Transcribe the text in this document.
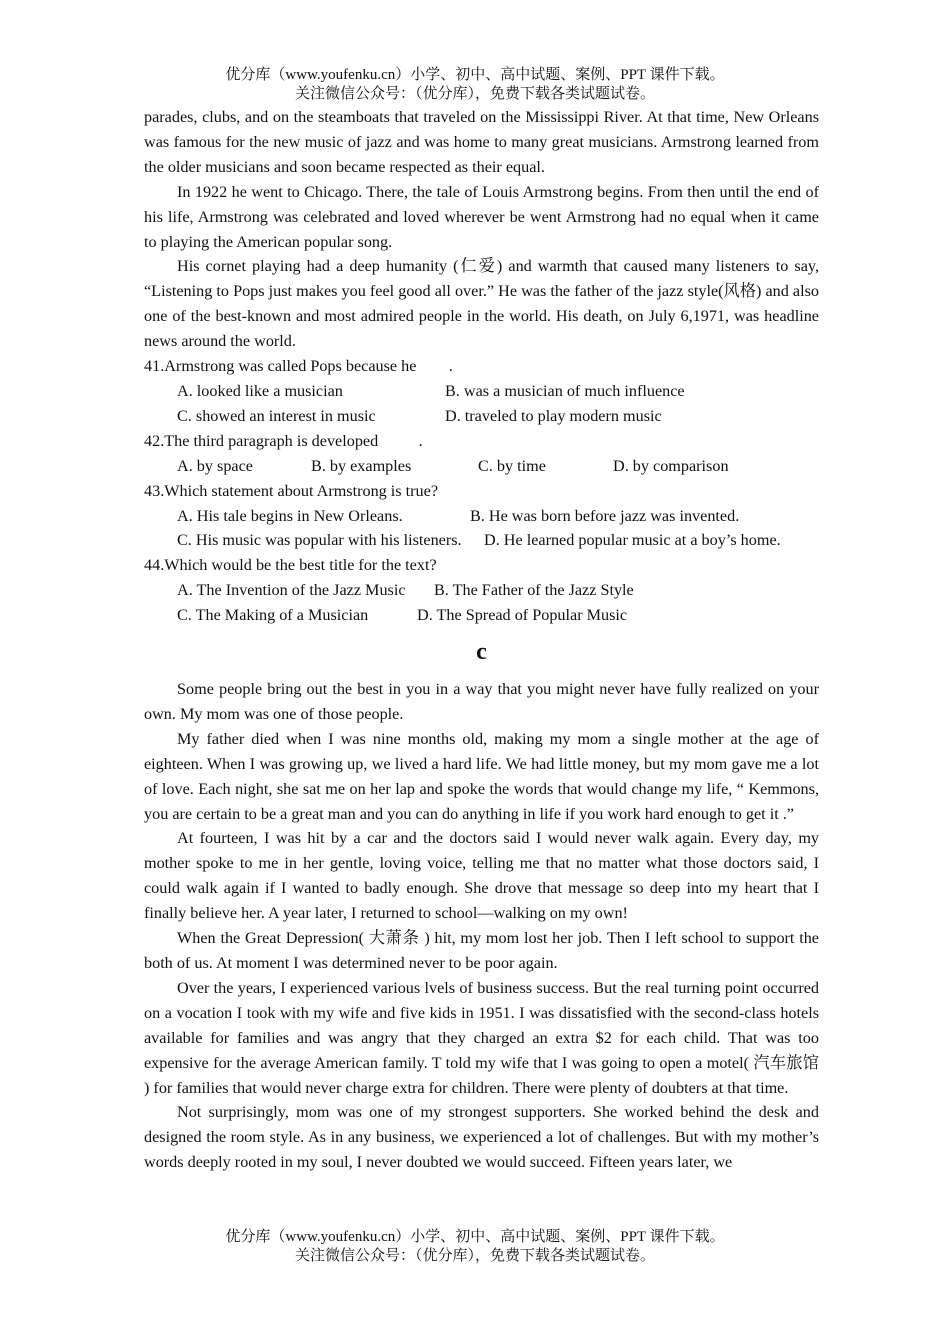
优分库（www.youfenku.cn）小学、初中、高中试题、案例、PPT 课件下载。

关注微信公众号：（优分库），免费下载各类试题试卷。

parades, clubs, and on the steamboats that traveled on the Mississippi River. At that time, New Orleans was famous for the new music of jazz and was home to many great musicians. Armstrong learned from the older musicians and soon became respected as their equal.

In 1922 he went to Chicago. There, the tale of Louis Armstrong begins. From then until the end of his life, Armstrong was celebrated and loved wherever be went Armstrong had no equal when it came to playing the American popular song.

His cornet playing had a deep humanity (仁爱) and warmth that caused many listeners to say, “Listening to Pops just makes you feel good all over.” He was the father of the jazz style(风格) and also one of the best-known and most admired people in the world. His death, on July 6,1971, was headline news around the world.

41.Armstrong was called Pops because he        .

A. looked like a musician	B. was a musician of much influence
C. showed an interest in music	D. traveled to play modern music

42.The third paragraph is developed          .

A. by space	B. by examples	C. by time	D. by comparison

43.Which statement about Armstrong is true?

A. His tale begins in New Orleans.	B. He was born before jazz was invented.
C. His music was popular with his listeners.	D. He learned popular music at a boy’s home.

44.Which would be the best title for the text?

A. The Invention of the Jazz Music	B. The Father of the Jazz Style
C. The Making of a Musician	D. The Spread of Popular Music

c

Some people bring out the best in you in a way that you might never have fully realized on your own. My mom was one of those people.

My father died when I was nine months old, making my mom a single mother at the age of eighteen. When I was growing up, we lived a hard life. We had little money, but my mom gave me a lot of love. Each night, she sat me on her lap and spoke the words that would change my life, “ Kemmons, you are certain to be a great man and you can do anything in life if you work hard enough to get it .”

At fourteen, I was hit by a car and the doctors said I would never walk again. Every day, my mother spoke to me in her gentle, loving voice, telling me that no matter what those doctors said, I could walk again if I wanted to badly enough. She drove that message so deep into my heart that I finally believe her. A year later, I returned to school—walking on my own!

When the Great Depression( 大萧条 ) hit, my mom lost her job. Then I left school to support the both of us. At moment I was determined never to be poor again.

Over the years, I experienced various lvels of business success. But the real turning point occurred on a vocation I took with my wife and five kids in 1951. I was dissatisfied with the second-class hotels available for families and was angry that they charged an extra $2 for each child. That was too expensive for the average American family. T told my wife that I was going to open a motel( 汽车旅馆 ) for families that would never charge extra for children. There were plenty of doubters at that time.

Not surprisingly, mom was one of my strongest supporters. She worked behind the desk and designed the room style. As in any business, we experienced a lot of challenges. But with my mother’s words deeply rooted in my soul, I never doubted we would succeed. Fifteen years later, we

优分库（www.youfenku.cn）小学、初中、高中试题、案例、PPT 课件下载。

关注微信公众号：（优分库），免费下载各类试题试卷。
